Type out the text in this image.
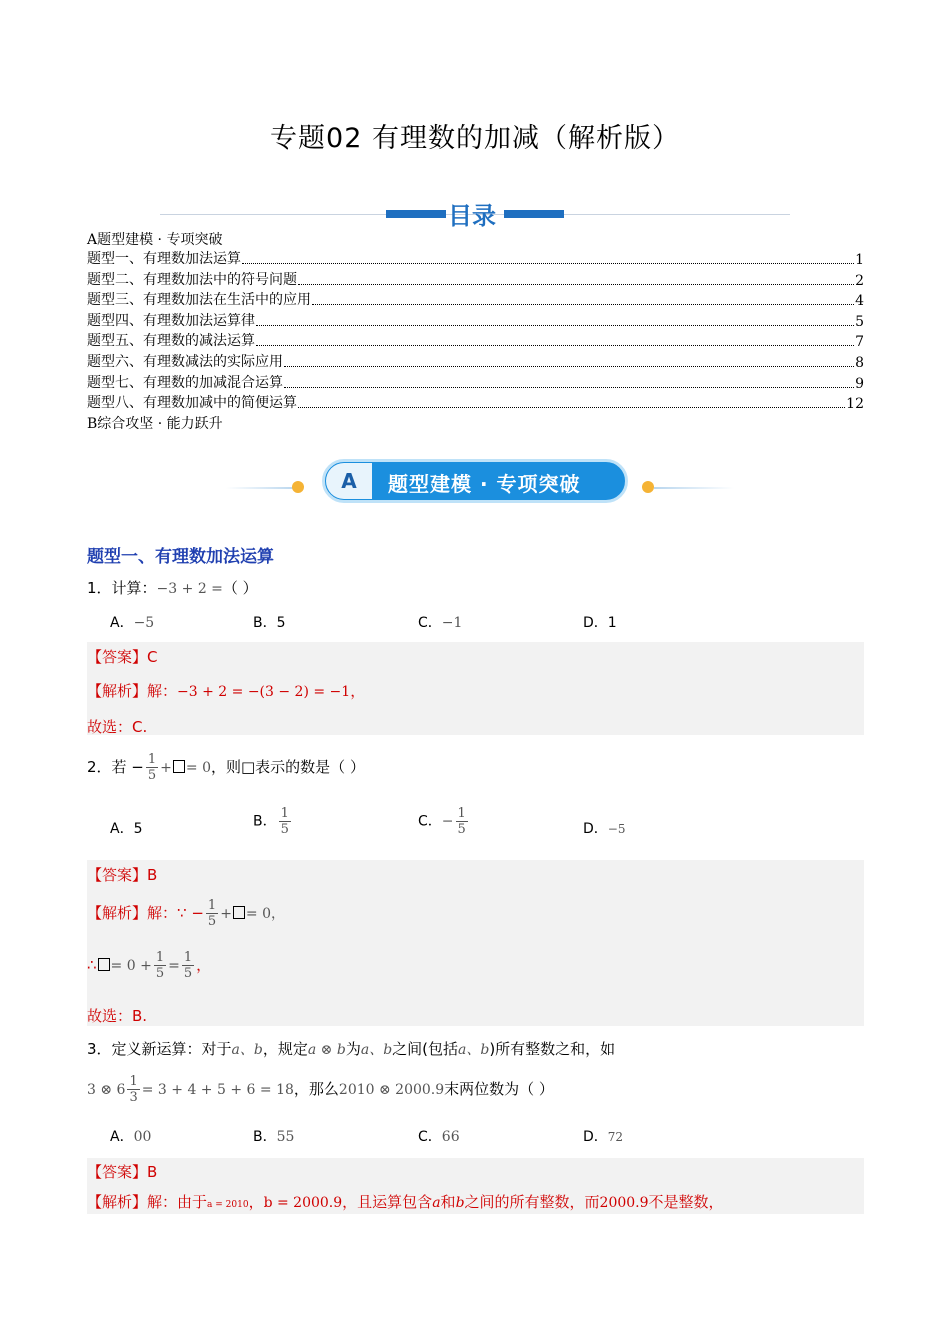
专题02 有理数的加减（解析版）
目录
A题型建模 · 专项突破
题型一、有理数加法运算	1
题型二、有理数加法中的符号问题	2
题型三、有理数加法在生活中的应用	4
题型四、有理数加法运算律	5
题型五、有理数的减法运算	7
题型六、有理数减法的实际应用	8
题型七、有理数的加减混合运算	9
题型八、有理数加减中的简便运算	12
B综合攻坚 · 能力跃升
A	题型建模 · 专项突破
题型一、有理数加法运算
1．计算：−3 + 2 =（ ）
A．−5	B．5	C．−1	D．1
【答案】C
【解析】解：−3 + 2 = −(3 − 2) = −1，
故选：C.
2．若 − $\frac{1}{5}$ + = 0，则□表示的数是（ ）
A．5	B． $\frac{1}{5}$	C．− $\frac{1}{5}$	D．−5
【答案】B
【解析】解：∵ − $\frac{1}{5}$ + = 0，
∴ = $0 + \frac{1}{5} = \frac{1}{5}$ ，
故选：B.
3．定义新运算：对于a、b，规定a ⊗ b为a、b之间(包括a、b)所有整数之和，如
3 ⊗ $6 \frac{1}{3} = 3 + 4 + 5 + 6 = 18$，那么2010 ⊗ 2000.9末两位数为（ ）
A．00	B．55	C．66	D．72
【答案】B
【解析】解：由于a = 2010，b = 2000.9，且运算包含a和b之间的所有整数，而2000.9不是整数，
